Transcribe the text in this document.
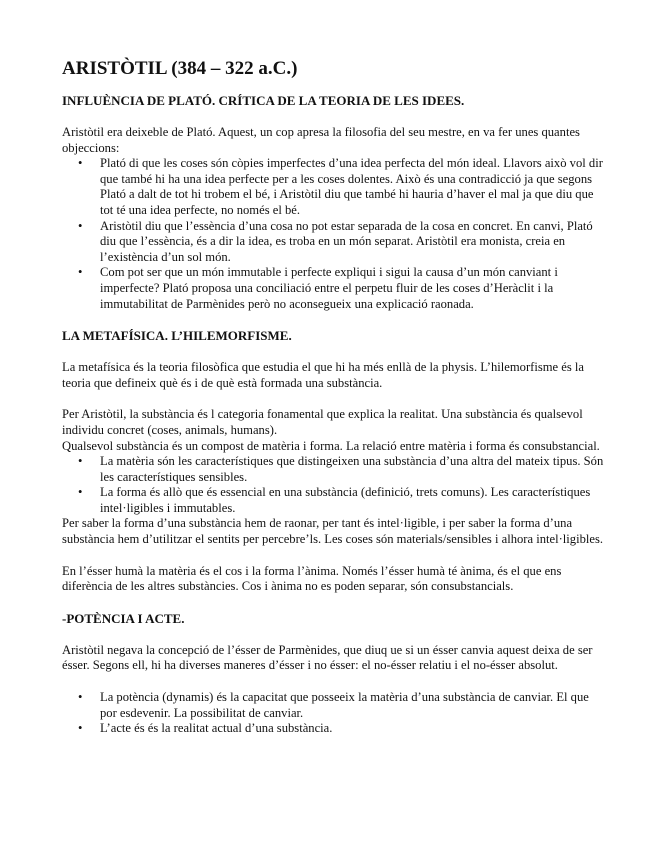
ARISTÒTIL (384 – 322 a.C.)
INFLUÈNCIA DE PLATÓ. CRÍTICA DE LA TEORIA DE LES IDEES.

Aristòtil era deixeble de Plató. Aquest, un cop apresa la filosofia del seu mestre, en va fer unes quantes objeccions:

• Plató di que les coses són còpies imperfectes d’una idea perfecta del món ideal. Llavors això vol dir que també hi ha una idea perfecte per a les coses dolentes. Això és una contradicció ja que segons Plató a dalt de tot hi trobem el bé, i Aristòtil diu que també hi hauria d’haver el mal ja que diu que tot té una idea perfecte, no només el bé.
• Aristòtil diu que l’essència d’una cosa no pot estar separada de la cosa en concret. En canvi, Plató diu que l’essència, és a dir la idea, es troba en un món separat. Aristòtil era monista, creia en l’existència d’un sol món.
• Com pot ser que un món immutable i perfecte expliqui i sigui la causa d’un món canviant i imperfecte? Plató proposa una conciliació entre el perpetu fluir de les coses d’Heràclit i la immutabilitat de Parmènides però no aconsegueix una explicació raonada.
LA METAFÍSICA. L’HILEMORFISME.

La metafísica és la teoria filosòfica que estudia el que hi ha més enllà de la physis. L’hilemorfisme és la teoria que defineix què és i de què està formada una substància.

Per Aristòtil, la substància és l categoria fonamental que explica la realitat. Una substància és qualsevol individu concret (coses, animals, humans).

Qualsevol substància és un compost de matèria i forma. La relació entre matèria i forma és consubstancial.

• La matèria són les característiques que distingeixen una substància d’una altra del mateix tipus. Són les característiques sensibles.
• La forma és allò que és essencial en una substància (definició, trets comuns). Les característiques intel·ligibles i immutables.

Per saber la forma d’una substància hem de raonar, per tant és intel·ligible, i per saber la forma d’una substància hem d’utilitzar el sentits per percebre’ls. Les coses són materials/sensibles i alhora intel·ligibles.

En l’ésser humà la matèria és el cos i la forma l’ànima. Només l’ésser humà té ànima, és el que ens diferència de les altres substàncies. Cos i ànima no es poden separar, són consubstancials.

-POTÈNCIA I ACTE.

Aristòtil negava la concepció de l’ésser de Parmènides, que diuq ue si un ésser canvia aquest deixa de ser ésser. Segons ell, hi ha diverses maneres d’ésser i no ésser: el no-ésser relatiu i el no-ésser absolut.

• La potència (dynamis) és la capacitat que posseeix la matèria d’una substància de canviar. El que por esdevenir. La possibilitat de canviar.
• L’acte és és la realitat actual d’una substància.
